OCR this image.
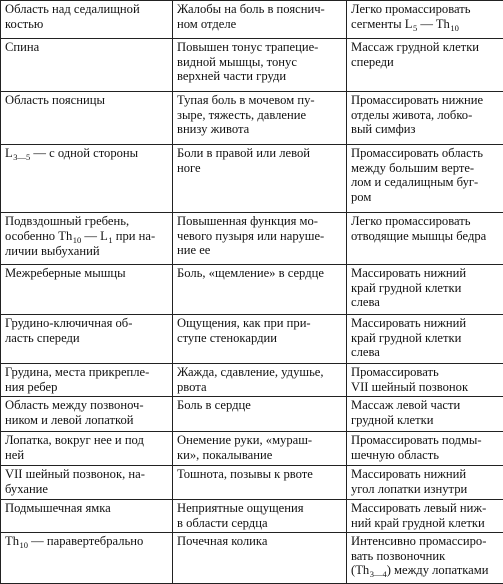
Область над седалищной
костью	Жалобы на боль в пояснич-
ном отделе	Легко промассировать
сегменты $L_5$ — $Th_{10}$

Спина	Повышен тонус трапецие-
видной мышцы, тонус
верхней части груди	Массаж грудной клетки
спереди

Область поясницы	Тупая боль в мочевом пу-
зыре, тяжесть, давление
внизу живота	Промассировать нижние
отделы живота, лобко-
вый симфиз

$L_{3—5}$ — с одной стороны	Боли в правой или левой
ноге	Промассировать область
между большим верте-
лом и седалищным буг-
ром

Подвздошный гребень,
особенно $Th_{10}$ — $L_1$ при на-
личии выбуханий	Повышенная функция мо-
чевого пузыря или наруше-
ние ее	Легко промассировать
отводящие мышцы бедра

Межреберные мышцы	Боль, «щемление» в сердце	Массировать нижний
край грудной клетки
слева

Грудино-ключичная об-
ласть спереди	Ощущения, как при при-
ступе стенокардии	Массировать нижний
край грудной клетки
слева

Грудина, места прикрепле-
ния ребер	Жажда, сдавление, удушье,
рвота	Промассировать
VII шейный позвонок

Область между позвоноч-
ником и левой лопаткой	Боль в сердце	Массаж левой части
грудной клетки

Лопатка, вокруг нее и под
ней	Онемение руки, «мураш-
ки», покалывание	Промассировать подмы-
шечную область

VII шейный позвонок, на-
бухание	Тошнота, позывы к рвоте	Массировать нижний
угол лопатки изнутри

Подмышечная ямка	Неприятные ощущения
в области сердца	Массировать левый ниж-
ний край грудной клетки

$Th_{10}$ — паравертебрально	Почечная колика	Интенсивно промассиро-
вать позвоночник
$(Th_{3—4})$ между лопатками
